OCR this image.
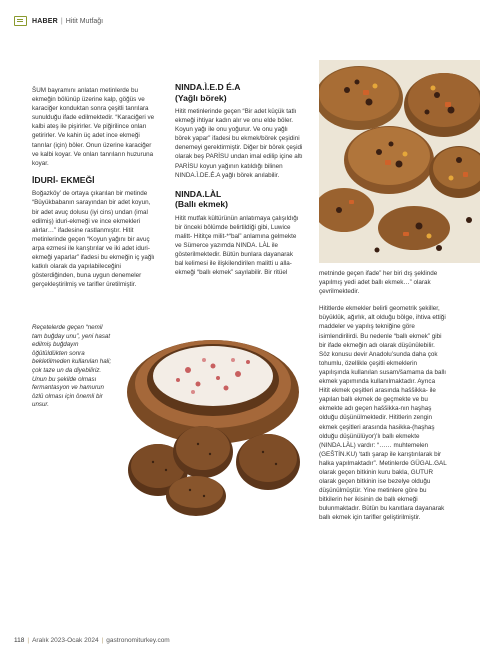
HABER | Hitit Mutfağı

ŠUM bayramını anlatan metinlerde bu ekmeğin bölünüp üzerine kalp, göğüs ve karaciğer konduktan sonra çeşitli tanrılara sunulduğu ifade edilmektedir. “Karaciğeri ve kalbi ateş ile pişirirler. Ve piğirilince onları getirirler. Ve kahin üç adet ince ekmeği tanrılar (için) böler. Onun üzerine karaciğer ve kalbi koyar. Ve onları tanrıların huzuruna koyar.

İDURİ- EKMEĞİ

Boğazköy’ de ortaya çıkarılan bir metinde “Büyükbabanın sarayından bir adet koyun, bir adet avuç dolusu (iyi cins) undan (imal edilmiş) iduri-ekmeği ve ince ekmekleri alırlar…” ifadesine rastlanmıştır. Hitit metinlerinde geçen “Koyun yağını bir avuç arpa ezmesi ile karıştırılar ve iki adet iduri-ekmeği yaparlar” ifadesi bu ekmeğin iç yağlı katkılı olarak da yapılabileceğini gösterdiğinden, buna uygun denemeler gerçekleştirilmiş ve tarifler üretilmiştir.

Reçetelerde geçen “nemil tam buğday unu”, yeni hasat edilmiş buğdayın öğütüldükten sonra bekletilmeden kullanılan hali; çok taze un da diyebiliriz. Unun bu şekilde olması fermantasyon ve hamurun özlü olması için önemli bir unsur.
NINDA.Ì.E.D É.A
(Yağlı börek)

Hitit metinlerinde geçen “Bir adet küçük tatlı ekmeği ihtiyar kadın alır ve onu elde böler. Koyun yağı ile onu yoğurur. Ve onu yağlı börek yapar” ifadesi bu ekmek/börek çeşidini denemeyi gerektirmiştir. Diğer bir börek çeşidi olarak beş PARİSU undan imal edilip içine altı PARİSU koyun yağının katıldığı bilinen NINDA.Ì.DE.É.A yağlı börek anılabilir.

NINDA.LÀL
(Ballı ekmek)

Hitit mutfak kültürünün anlatımaya çalışıldığı bir önceki bölümde belirtildiği gibi, Luwice malitt- Hititçe milit-*“bal” anlamına gelmekte ve Sümerce yazımda NINDA. LÀL ile gösterilmektedir. Bütün bunlara dayanarak bal kelimesi ile ilişkilendirilen malitti u alla-ekmeği “ballı ekmek” sayılabilir. Bir ritüel	metninde geçen ifade” her biri dış şeklinde yapılmış yedi adet ballı ekmek…” olarak çevrilmektedir.

Hititlerde ekmekler belirli geometrik şekiller, büyüklük, ağırlık, alt olduğu bölge, ihtiva ettiği maddeler ve yapılış tekniğine göre isimlendirilirdi. Bu nedenle “ballı ekmek” gibi bir ifade ekmeğin adı olarak düşünülebilir. Söz konusu devir Anadolu’sunda daha çok tohumlu, özellikle çeşitli ekmeklerin yapılışında kullanılan susam/šamama da ballı ekmek yapımında kullanılmaktadır. Ayrıca Hitit ekmek çeşitleri arasında haššikka- ile yapılan ballı ekmek de geçmekte ve bu ekmekte adı geçen haššikka-nın haşhaş olduğu düşünülmektedir. Hititlerin zengin ekmek çeşitleri arasında hasikka-(haşhaş olduğu düşünülüyor)’lı ballı ekmekte (NINDA.LÀL) vardır: “…… muhtemelen (GEŠTİN.KU) ‘tatlı şarap ile karıştırılarak bir halka yapılmaktadır”. Metinlerde GÜGAL.GAL olarak geçen bitkinin kuru bakla, GUTUR olarak geçen bitkinin ise bezelye olduğu düşünülmüştür. Yine metinlere göre bu bitkilerin her ikisinin de ballı ekmeği bulunmaktadır. Bütün bu kanıtlara dayanarak ballı ekmek için tarifler geliştirilmiştir.

118 | Aralık 2023-Ocak 2024 | gastronomiturkey.com
